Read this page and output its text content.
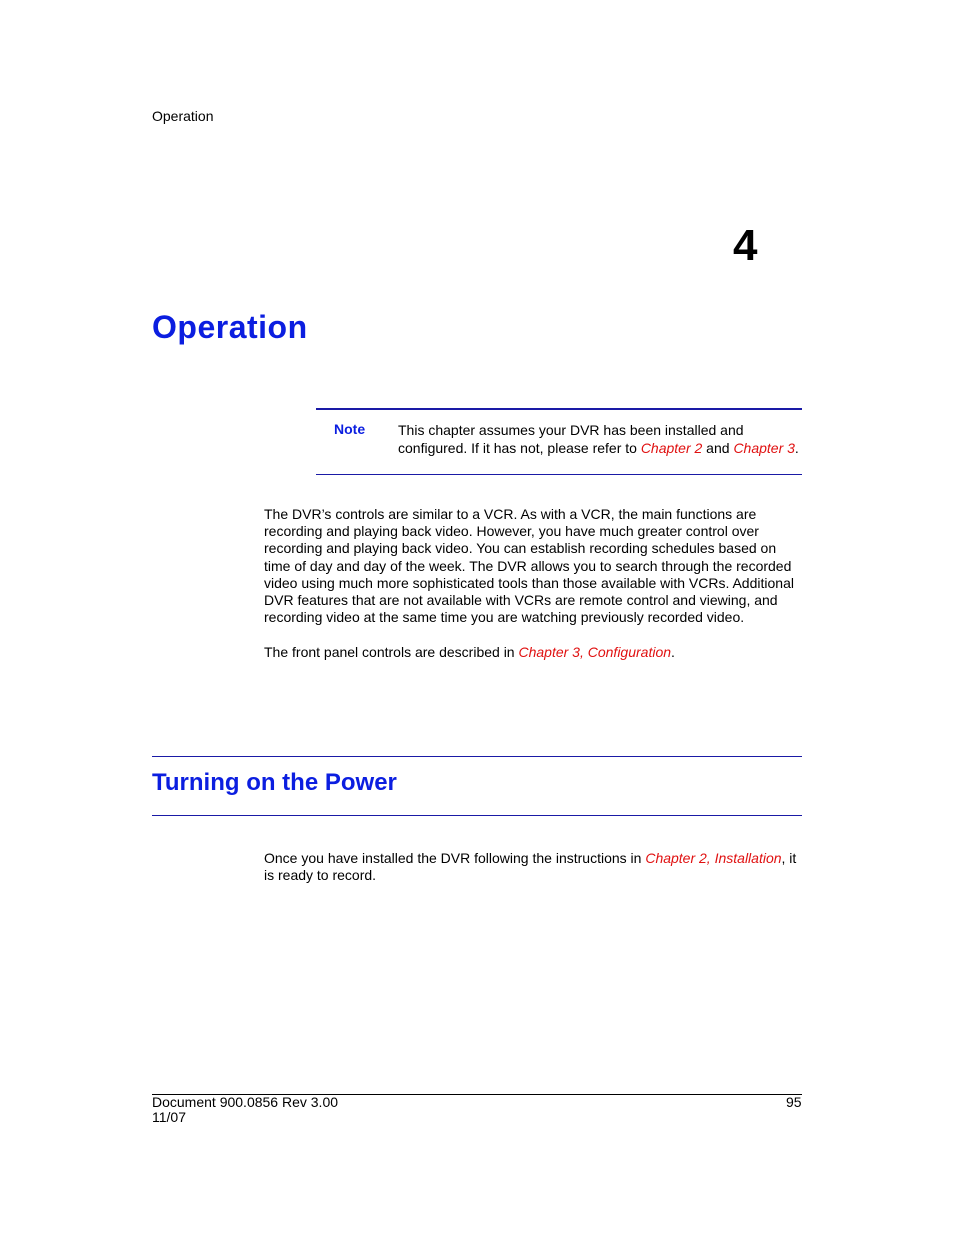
Operation
4
Operation
Note This chapter assumes your DVR has been installed and configured. If it has not, please refer to Chapter 2 and Chapter 3.
The DVR’s controls are similar to a VCR. As with a VCR, the main functions are recording and playing back video. However, you have much greater control over recording and playing back video. You can establish recording schedules based on time of day and day of the week. The DVR allows you to search through the recorded video using much more sophisticated tools than those available with VCRs. Additional DVR features that are not available with VCRs are remote control and viewing, and recording video at the same time you are watching previously recorded video.
The front panel controls are described in Chapter 3, Configuration.
Turning on the Power
Once you have installed the DVR following the instructions in Chapter 2, Installation, it is ready to record.
Document 900.0856 Rev 3.00
11/07
95
